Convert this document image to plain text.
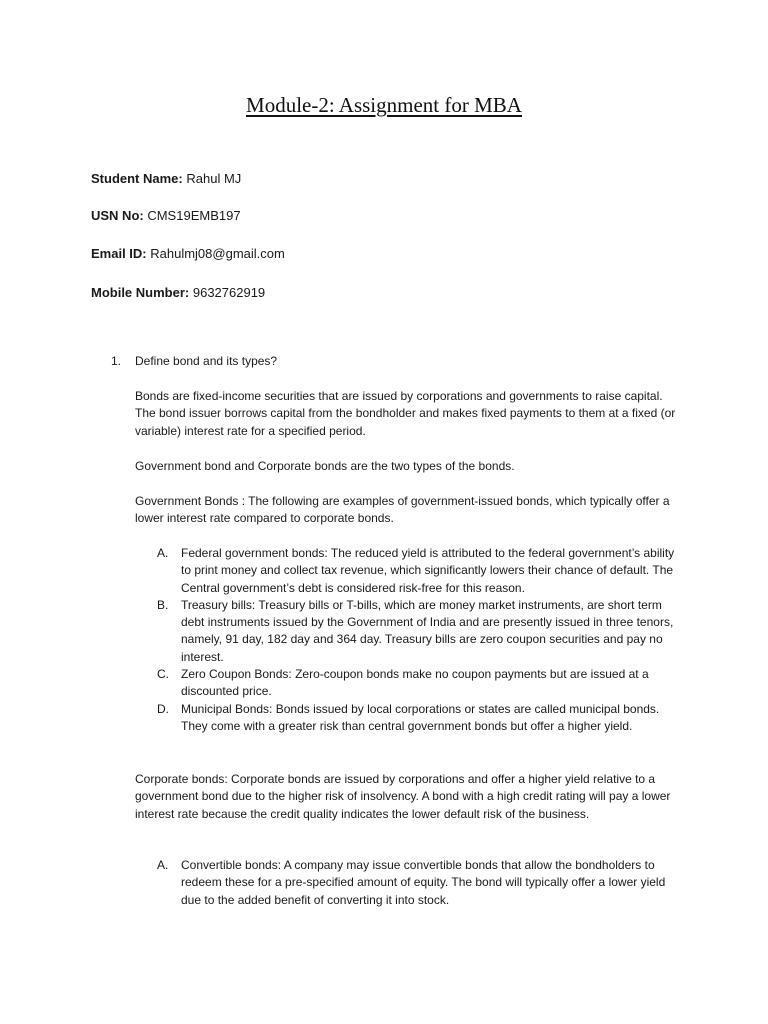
Module-2: Assignment for MBA
Student Name: Rahul MJ
USN No: CMS19EMB197
Email ID: Rahulmj08@gmail.com
Mobile Number: 9632762919
1. Define bond and its types?
Bonds are fixed-income securities that are issued by corporations and governments to raise capital. The bond issuer borrows capital from the bondholder and makes fixed payments to them at a fixed (or variable) interest rate for a specified period.
Government bond and Corporate bonds are the two types of the bonds.
Government Bonds : The following are examples of government-issued bonds, which typically offer a lower interest rate compared to corporate bonds.
A. Federal government bonds: The reduced yield is attributed to the federal government’s ability to print money and collect tax revenue, which significantly lowers their chance of default. The Central government’s debt is considered risk-free for this reason.
B. Treasury bills: Treasury bills or T-bills, which are money market instruments, are short term debt instruments issued by the Government of India and are presently issued in three tenors, namely, 91 day, 182 day and 364 day. Treasury bills are zero coupon securities and pay no interest.
C. Zero Coupon Bonds: Zero-coupon bonds make no coupon payments but are issued at a discounted price.
D. Municipal Bonds: Bonds issued by local corporations or states are called municipal bonds. They come with a greater risk than central government bonds but offer a higher yield.
Corporate bonds: Corporate bonds are issued by corporations and offer a higher yield relative to a government bond due to the higher risk of insolvency. A bond with a high credit rating will pay a lower interest rate because the credit quality indicates the lower default risk of the business.
A. Convertible bonds: A company may issue convertible bonds that allow the bondholders to redeem these for a pre-specified amount of equity. The bond will typically offer a lower yield due to the added benefit of converting it into stock.
